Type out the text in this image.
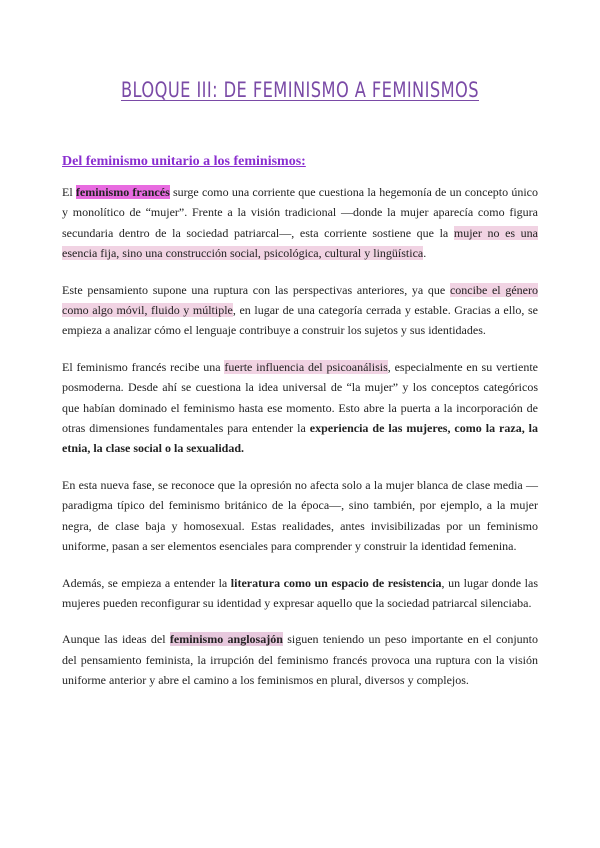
BLOQUE III: DE FEMINISMO A FEMINISMOS
Del feminismo unitario a los feminismos:

El feminismo francés surge como una corriente que cuestiona la hegemonía de un concepto único y monolítico de “mujer”. Frente a la visión tradicional —donde la mujer aparecía como figura secundaria dentro de la sociedad patriarcal—, esta corriente sostiene que la mujer no es una esencia fija, sino una construcción social, psicológica, cultural y lingüística.

Este pensamiento supone una ruptura con las perspectivas anteriores, ya que concibe el género como algo móvil, fluido y múltiple, en lugar de una categoría cerrada y estable. Gracias a ello, se empieza a analizar cómo el lenguaje contribuye a construir los sujetos y sus identidades.

El feminismo francés recibe una fuerte influencia del psicoanálisis, especialmente en su vertiente posmoderna. Desde ahí se cuestiona la idea universal de “la mujer” y los conceptos categóricos que habían dominado el feminismo hasta ese momento. Esto abre la puerta a la incorporación de otras dimensiones fundamentales para entender la experiencia de las mujeres, como la raza, la etnia, la clase social o la sexualidad.

En esta nueva fase, se reconoce que la opresión no afecta solo a la mujer blanca de clase media —paradigma típico del feminismo británico de la época—, sino también, por ejemplo, a la mujer negra, de clase baja y homosexual. Estas realidades, antes invisibilizadas por un feminismo uniforme, pasan a ser elementos esenciales para comprender y construir la identidad femenina.

Además, se empieza a entender la literatura como un espacio de resistencia, un lugar donde las mujeres pueden reconfigurar su identidad y expresar aquello que la sociedad patriarcal silenciaba.

Aunque las ideas del feminismo anglosajón siguen teniendo un peso importante en el conjunto del pensamiento feminista, la irrupción del feminismo francés provoca una ruptura con la visión uniforme anterior y abre el camino a los feminismos en plural, diversos y complejos.
